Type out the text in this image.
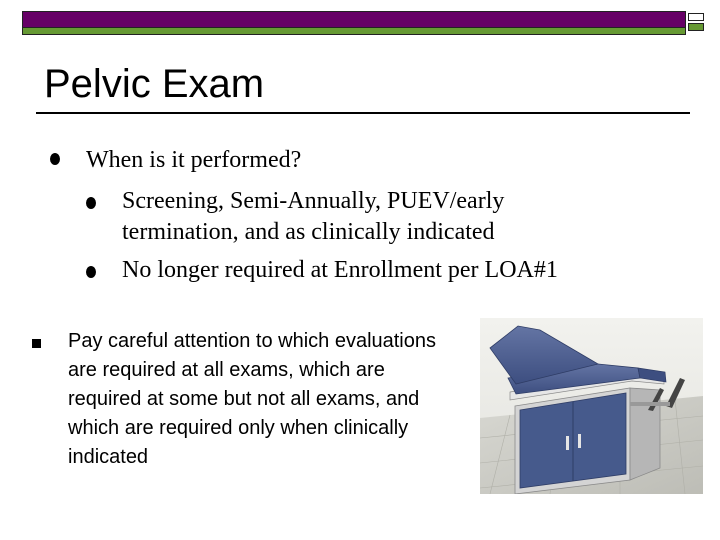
Pelvic Exam
When is it performed?
Screening, Semi-Annually, PUEV/early termination, and as clinically indicated
No longer required at Enrollment per LOA#1
Pay careful attention to which evaluations are required at all exams, which are required at some but not all exams, and which are required only when clinically indicated
